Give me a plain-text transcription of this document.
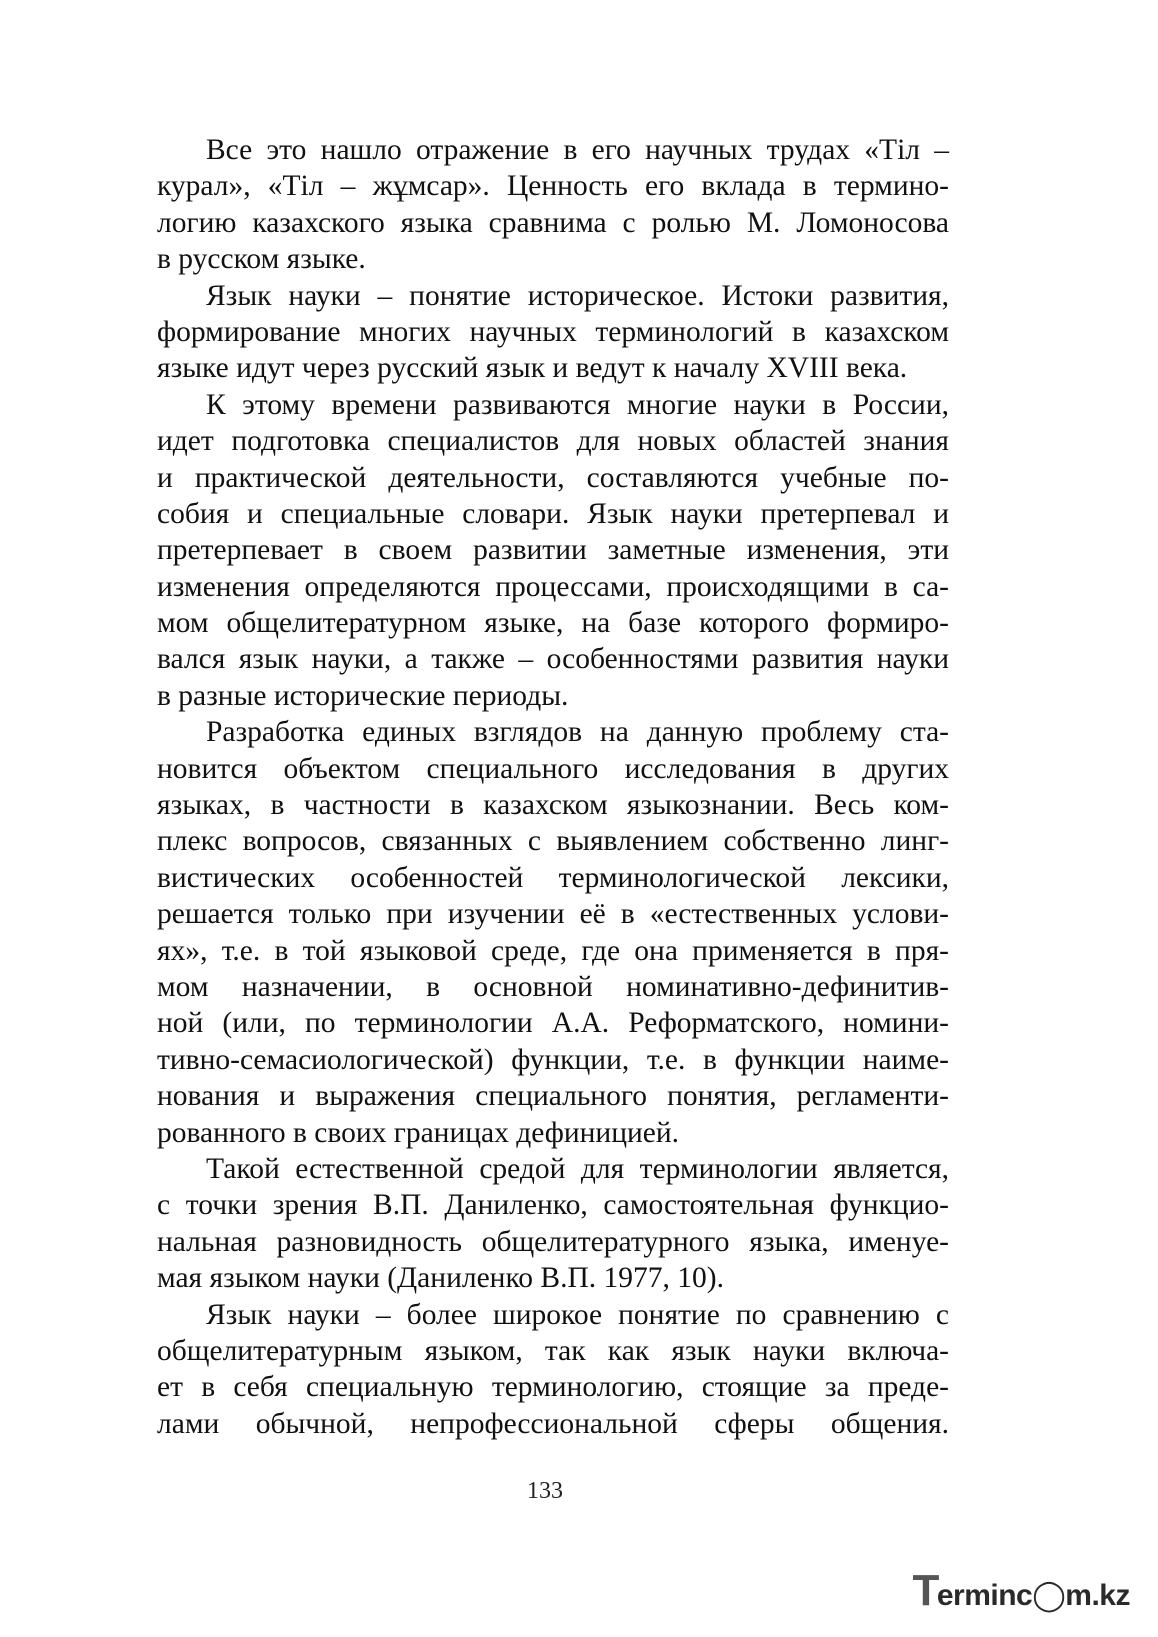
Все это нашло отражение в его научных трудах «Тіл –
курал», «Тіл – жұмсар». Ценность его вклада в термино-
логию казахского языка сравнима с ролью М. Ломоносова
в русском языке.
Язык науки – понятие историческое. Истоки развития,
формирование многих научных терминологий в казахском
языке идут через русский язык и ведут к началу XVIII века.
К этому времени развиваются многие науки в России,
идет подготовка специалистов для новых областей знания
и практической деятельности, составляются учебные по-
собия и специальные словари. Язык науки претерпевал и
претерпевает в своем развитии заметные изменения, эти
изменения определяются процессами, происходящими в са-
мом общелитературном языке, на базе которого формиро-
вался язык науки, а также – особенностями развития науки
в разные исторические периоды.
Разработка единых взглядов на данную проблему ста-
новится объектом специального исследования в других
языках, в частности в казахском языкознании. Весь ком-
плекс вопросов, связанных с выявлением собственно линг-
вистических особенностей терминологической лексики,
решается только при изучении её в «естественных услови-
ях», т.е. в той языковой среде, где она применяется в пря-
мом назначении, в основной номинативно-дефинитив-
ной (или, по терминологии А.А. Реформатского, номини-
тивно-семасиологической) функции, т.е. в функции наиме-
нования и выражения специального понятия, регламенти-
рованного в своих границах дефиницией.
Такой естественной средой для терминологии является,
с точки зрения В.П. Даниленко, самостоятельная функцио-
нальная разновидность общелитературного языка, именуе-
мая языком науки (Даниленко В.П. 1977, 10).
Язык науки – более широкое понятие по сравнению с
общелитературным языком, так как язык науки включа-
ет в себя специальную терминологию, стоящие за преде-
лами обычной, непрофессиональной сферы общения.
133
T
erminc◯m.kz
